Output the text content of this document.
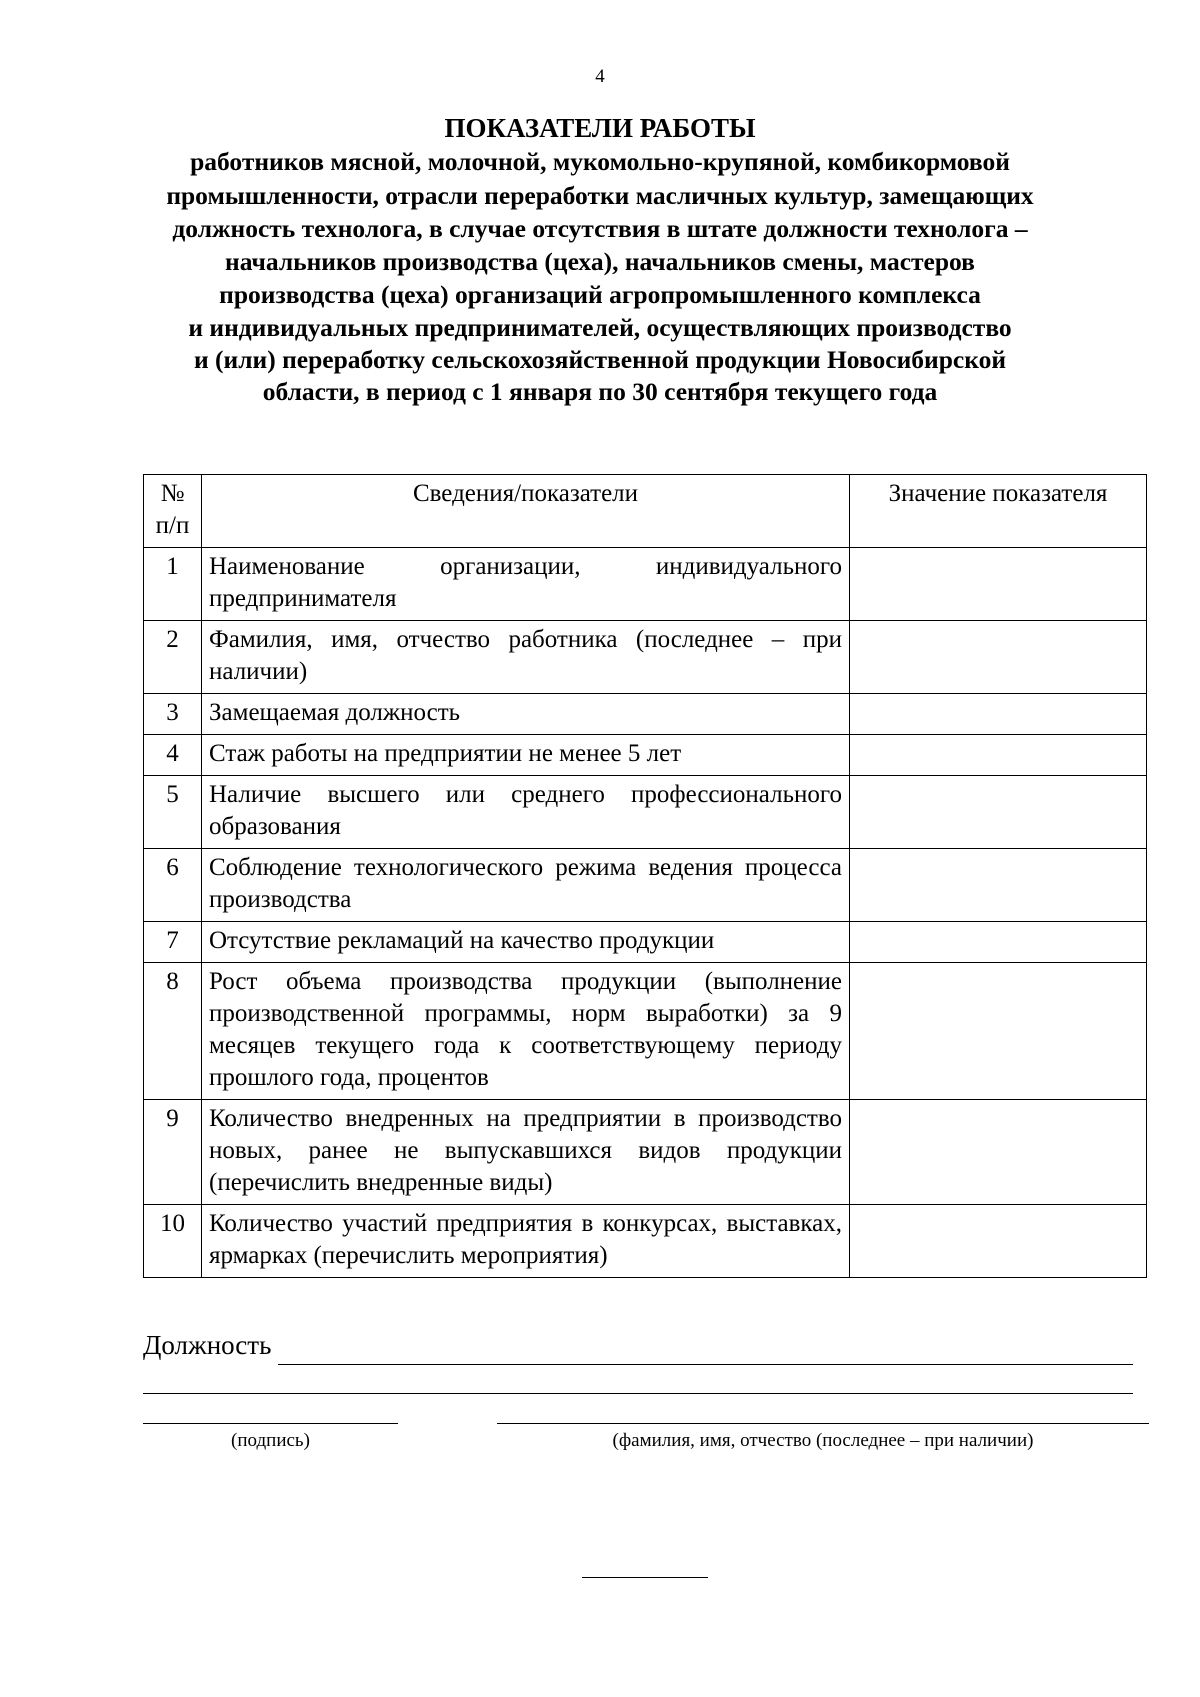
4
ПОКАЗАТЕЛИ РАБОТЫ
работников мясной, молочной, мукомольно-крупяной, комбикормовой
промышленности, отрасли переработки масличных культур, замещающих
должность технолога, в случае отсутствия в штате должности технолога –
начальников производства (цеха), начальников смены, мастеров
производства (цеха) организаций агропромышленного комплекса
и индивидуальных предпринимателей, осуществляющих производство
и (или) переработку сельскохозяйственной продукции Новосибирской
области, в период с 1 января по 30 сентября текущего года
№ п/п	Сведения/показатели	Значение показателя
1	Наименование организации, индивидуального предпринимателя	
2	Фамилия, имя, отчество работника (последнее – при наличии)	
3	Замещаемая должность	
4	Стаж работы на предприятии не менее 5 лет	
5	Наличие высшего или среднего профессионального образования	
6	Соблюдение технологического режима ведения процесса производства	
7	Отсутствие рекламаций на качество продукции	
8	Рост объема производства продукции (выполнение производственной программы, норм выработки) за 9 месяцев текущего года к соответствующему периоду прошлого года, процентов	
9	Количество внедренных на предприятии в производство новых, ранее не выпускавшихся видов продукции (перечислить внедренные виды)	
10	Количество участий предприятия в конкурсах, выставках, ярмарках (перечислить мероприятия)	
Должность
(подпись)	(фамилия, имя, отчество (последнее – при наличии)
